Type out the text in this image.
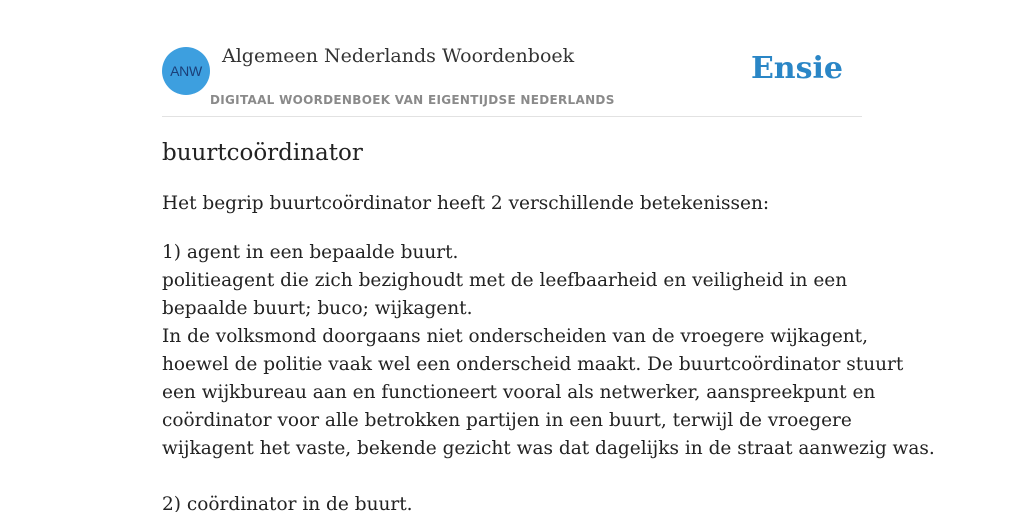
ANW
Algemeen Nederlands Woordenboek
DIGITAAL WOORDENBOEK VAN EIGENTIJDSE NEDERLANDS
Ensie
buurtcoördinator

Het begrip buurtcoördinator heeft 2 verschillende betekenissen:

1) agent in een bepaalde buurt.
politieagent die zich bezighoudt met de leefbaarheid en veiligheid in een
bepaalde buurt; buco; wijkagent.
In de volksmond doorgaans niet onderscheiden van de vroegere wijkagent,
hoewel de politie vaak wel een onderscheid maakt. De buurtcoördinator stuurt
een wijkbureau aan en functioneert vooral als netwerker, aanspreekpunt en
coördinator voor alle betrokken partijen in een buurt, terwijl de vroegere
wijkagent het vaste, bekende gezicht was dat dagelijks in de straat aanwezig was.
2) coördinator in de buurt.
